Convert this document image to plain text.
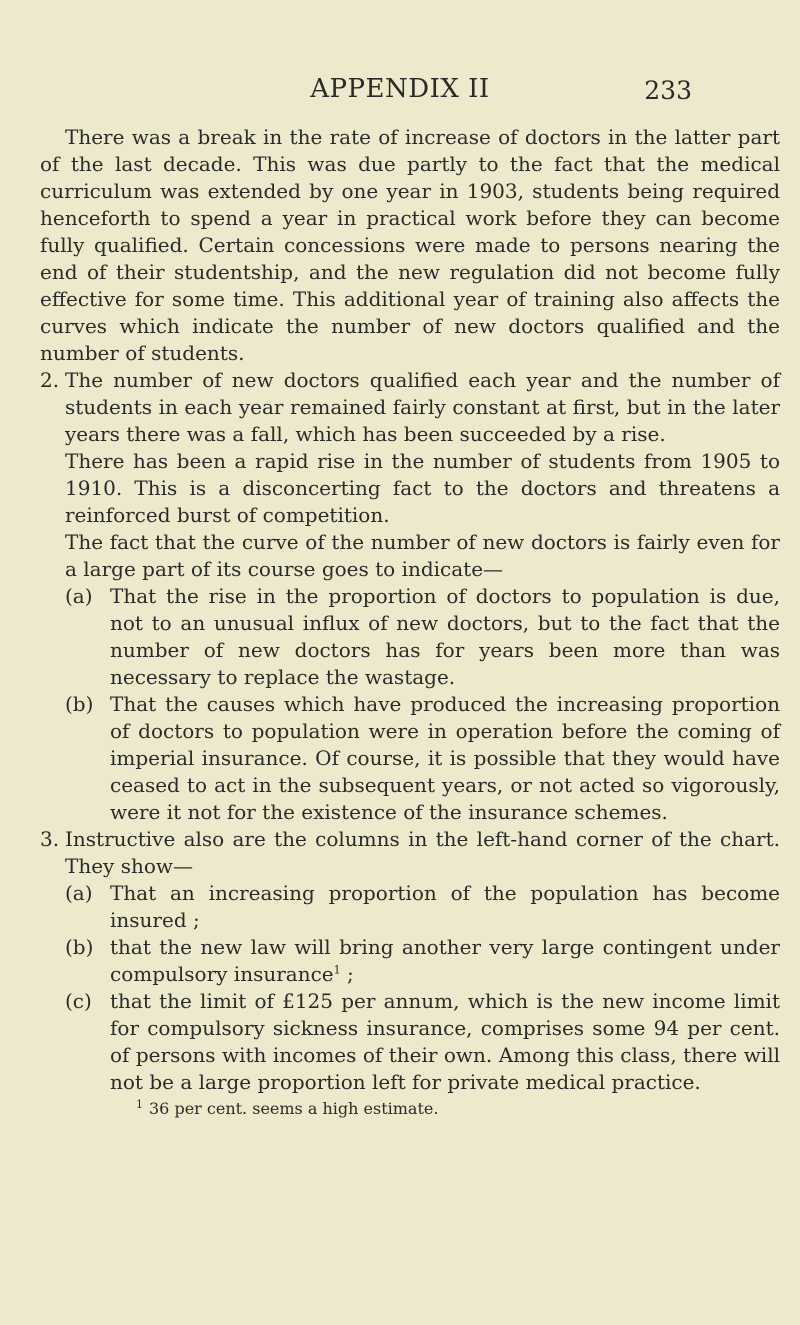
APPENDIX II	233

There was a break in the rate of increase of doctors in the latter part of the last decade. This was due partly to the fact that the medical curriculum was extended by one year in 1903, students being required henceforth to spend a year in practical work before they can become fully qualified. Certain concessions were made to persons nearing the end of their studentship, and the new regulation did not become fully effective for some time. This additional year of training also affects the curves which indicate the number of new doctors qualified and the number of students.

2. The number of new doctors qualified each year and the number of students in each year remained fairly constant at first, but in the later years there was a fall, which has been succeeded by a rise.

There has been a rapid rise in the number of students from 1905 to 1910. This is a disconcerting fact to the doctors and threatens a reinforced burst of competition.

The fact that the curve of the number of new doctors is fairly even for a large part of its course goes to indicate—

(a) That the rise in the proportion of doctors to population is due, not to an unusual influx of new doctors, but to the fact that the number of new doctors has for years been more than was necessary to replace the wastage.
(b) That the causes which have produced the increasing proportion of doctors to population were in operation before the coming of imperial insurance. Of course, it is possible that they would have ceased to act in the subsequent years, or not acted so vigorously, were it not for the existence of the insurance schemes.
3. Instructive also are the columns in the left-hand corner of the chart. They show—

(a) That an increasing proportion of the population has become insured ;
(b) that the new law will bring another very large contingent under compulsory insurance$^1$ ;
(c) that the limit of £125 per annum, which is the new income limit for compulsory sickness insurance, comprises some 94 per cent. of persons with incomes of their own. Among this class, there will not be a large proportion left for private medical practice.
$^1$ 36 per cent. seems a high estimate.
